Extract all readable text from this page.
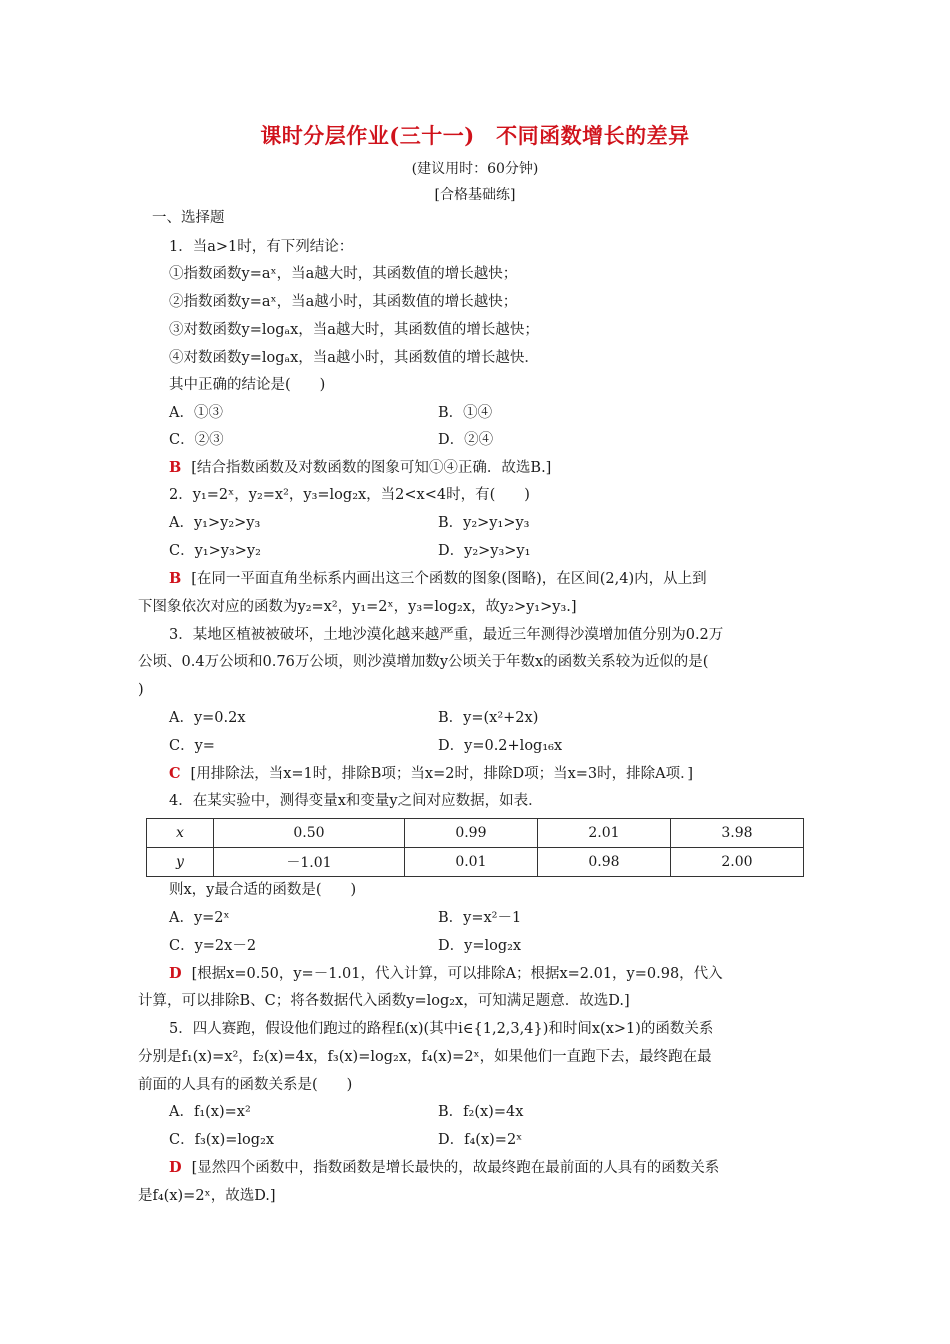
课时分层作业(三十一)　不同函数增长的差异
(建议用时：60分钟)
[合格基础练]
一、选择题
1．当a>1时，有下列结论：
①指数函数y=aˣ，当a越大时，其函数值的增长越快；
②指数函数y=aˣ，当a越小时，其函数值的增长越快；
③对数函数y=logₐx，当a越大时，其函数值的增长越快；
④对数函数y=logₐx，当a越小时，其函数值的增长越快．
其中正确的结论是(　　)
A．①③	B．①④
C．②③	D．②④
B [结合指数函数及对数函数的图象可知①④正确．故选B.]
2．y₁=2ˣ，y₂=x²，y₃=log₂x，当2<x<4时，有(　　)
A．y₁>y₂>y₃	B．y₂>y₁>y₃
C．y₁>y₃>y₂	D．y₂>y₃>y₁
B [在同一平面直角坐标系内画出这三个函数的图象(图略)，在区间(2,4)内，从上到
下图象依次对应的函数为y₂=x²，y₁=2ˣ，y₃=log₂x，故y₂>y₁>y₃.]
3．某地区植被被破坏，土地沙漠化越来越严重，最近三年测得沙漠增加值分别为0.2万
公顷、0.4万公顷和0.76万公顷，则沙漠增加数y公顷关于年数x的函数关系较为近似的是(
)
A．y=0.2x	B．y=(x²+2x)
C．y=	D．y=0.2+log₁₆x
C [用排除法，当x=1时，排除B项；当x=2时，排除D项；当x=3时，排除A项．]
4．在某实验中，测得变量x和变量y之间对应数据，如表．
x	0.50	0.99	2.01	3.98
y	－1.01	0.01	0.98	2.00
则x，y最合适的函数是(　　)
A．y=2ˣ	B．y=x²－1
C．y=2x－2	D．y=log₂x
D [根据x=0.50，y=－1.01，代入计算，可以排除A；根据x=2.01，y=0.98，代入
计算，可以排除B、C；将各数据代入函数y=log₂x，可知满足题意．故选D.]
5．四人赛跑，假设他们跑过的路程fᵢ(x)(其中i∈{1,2,3,4})和时间x(x>1)的函数关系
分别是f₁(x)=x²，f₂(x)=4x，f₃(x)=log₂x，f₄(x)=2ˣ，如果他们一直跑下去，最终跑在最
前面的人具有的函数关系是(　　)
A．f₁(x)=x²	B．f₂(x)=4x
C．f₃(x)=log₂x	D．f₄(x)=2ˣ
D [显然四个函数中，指数函数是增长最快的，故最终跑在最前面的人具有的函数关系
是f₄(x)=2ˣ，故选D.]
